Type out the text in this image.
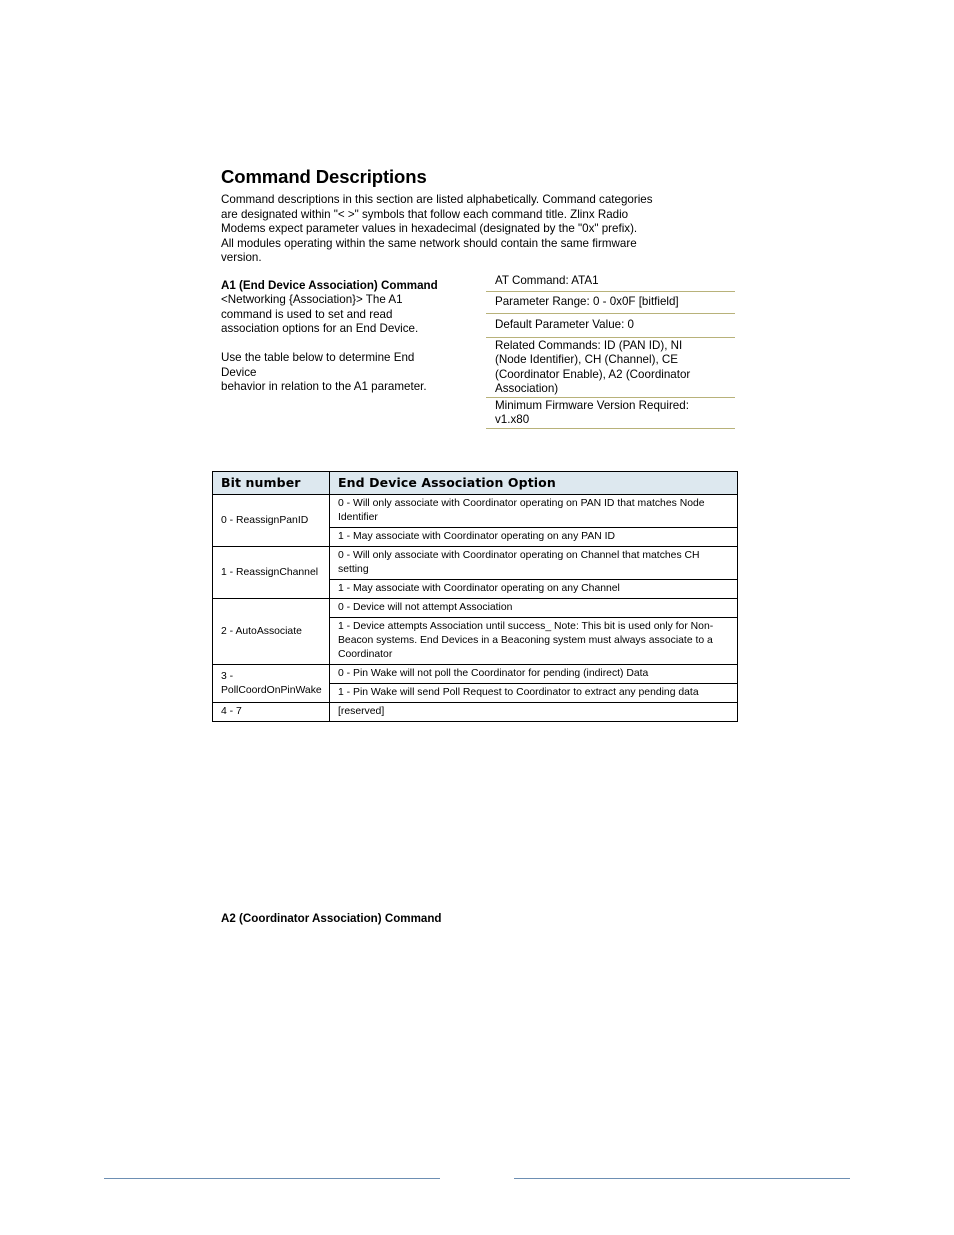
Command Descriptions
Command descriptions in this section are listed alphabetically. Command categories
are designated within "< >" symbols that follow each command title. Zlinx Radio
Modems expect parameter values in hexadecimal (designated by the "0x" prefix).
All modules operating within the same network should contain the same firmware
version.
A1 (End Device Association) Command
<Networking {Association}> The A1
command is used to set and read
association options for an End Device.
Use the table below to determine End
Device
behavior in relation to the A1 parameter.
AT Command: ATA1
Parameter Range: 0 - 0x0F [bitfield]
Default Parameter Value: 0
Related Commands: ID (PAN ID), NI
(Node Identifier), CH (Channel), CE
(Coordinator Enable), A2 (Coordinator
Association)
Minimum Firmware Version Required:
v1.x80
Bit number	End Device Association Option
0 - ReassignPanID	0 - Will only associate with Coordinator operating on PAN ID that matches Node Identifier
	1 - May associate with Coordinator operating on any PAN ID
1 - ReassignChannel	0 - Will only associate with Coordinator operating on Channel that matches CH setting
	1 - May associate with Coordinator operating on any Channel
2 - AutoAssociate	0 - Device will not attempt Association
	1 - Device attempts Association until success_ Note: This bit is used only for Non-Beacon systems. End Devices in a Beaconing system must always associate to a Coordinator
3 - PollCoordOnPinWake	0 - Pin Wake will not poll the Coordinator for pending (indirect) Data
	1 - Pin Wake will send Poll Request to Coordinator to extract any pending data
4 - 7	[reserved]
A2 (Coordinator Association) Command
